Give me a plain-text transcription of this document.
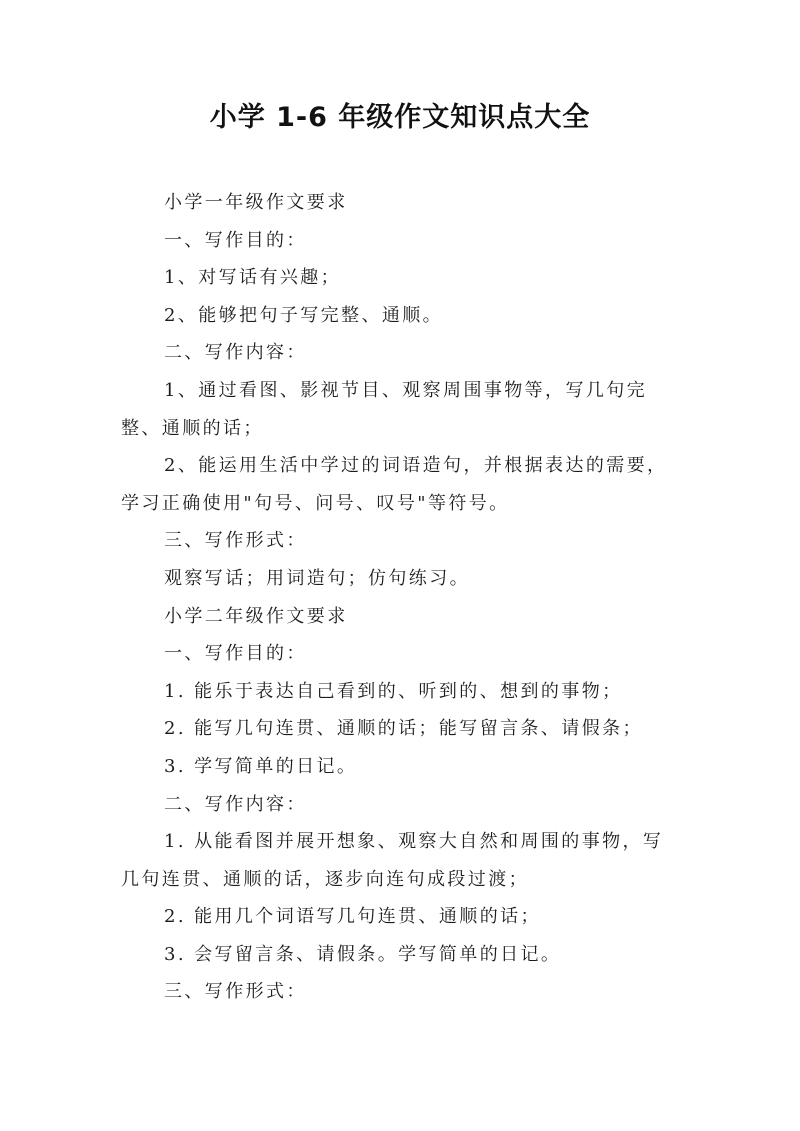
小学 1-6 年级作文知识点大全

小学一年级作文要求

一、写作目的：

1、对写话有兴趣；

2、能够把句子写完整、通顺。

二、写作内容：

1、通过看图、影视节目、观察周围事物等，写几句完整、通顺的话；

2、能运用生活中学过的词语造句，并根据表达的需要，学习正确使用"句号、问号、叹号"等符号。

三、写作形式：

观察写话；用词造句；仿句练习。

小学二年级作文要求

一、写作目的：

1. 能乐于表达自己看到的、听到的、想到的事物；

2. 能写几句连贯、通顺的话；能写留言条、请假条；

3. 学写简单的日记。

二、写作内容：

1. 从能看图并展开想象、观察大自然和周围的事物，写几句连贯、通顺的话，逐步向连句成段过渡；

2. 能用几个词语写几句连贯、通顺的话；

3. 会写留言条、请假条。学写简单的日记。

三、写作形式：
